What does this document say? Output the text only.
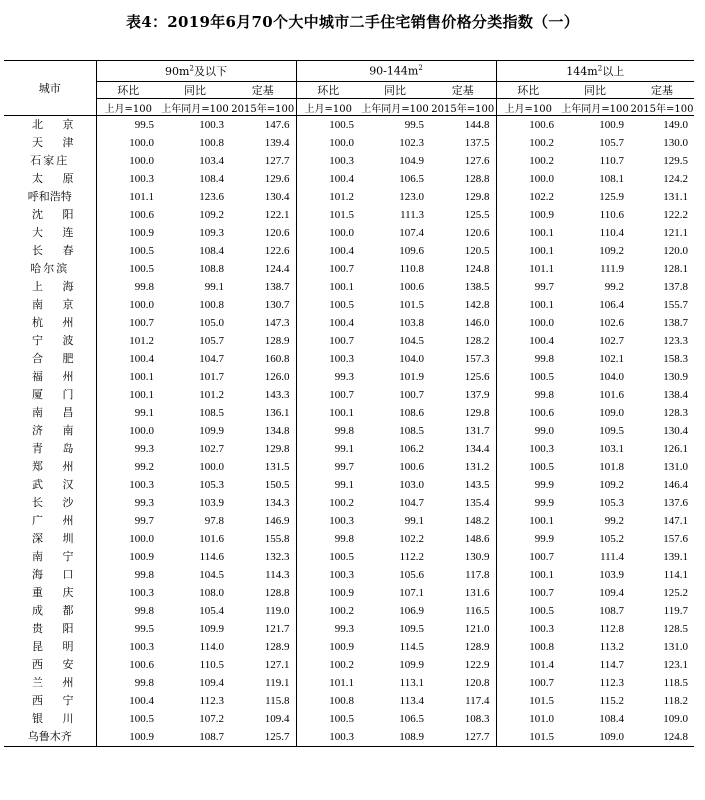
表4：2019年6月70个大中城市二手住宅销售价格分类指数（一）
城市	$90m^2$及以下			$90-144m^2$			$144m^2$以上		
	环比	同比	定基	环比	同比	定基	环比	同比	定基
	上月=100	上年同月=100	2015年=100	上月=100	上年同月=100	2015年=100	上月=100	上年同月=100	2015年=100

北 京	99.5	100.3	147.6	100.5	99.5	144.8	100.6	100.9	149.0

天 津	100.0	100.8	139.4	100.0	102.3	137.5	100.2	105.7	130.0

石家庄	100.0	103.4	127.7	100.3	104.9	127.6	100.2	110.7	129.5

太 原	100.3	108.4	129.6	100.4	106.5	128.8	100.0	108.1	124.2

呼和浩特	101.1	123.6	130.4	101.2	123.0	129.8	102.2	125.9	131.1

沈 阳	100.6	109.2	122.1	101.5	111.3	125.5	100.9	110.6	122.2

大 连	100.9	109.3	120.6	100.0	107.4	120.6	100.1	110.4	121.1

长 春	100.5	108.4	122.6	100.4	109.6	120.5	100.1	109.2	120.0

哈尔滨	100.5	108.8	124.4	100.7	110.8	124.8	101.1	111.9	128.1

上 海	99.8	99.1	138.7	100.1	100.6	138.5	99.7	99.2	137.8

南 京	100.0	100.8	130.7	100.5	101.5	142.8	100.1	106.4	155.7

杭 州	100.7	105.0	147.3	100.4	103.8	146.0	100.0	102.6	138.7

宁 波	101.2	105.7	128.9	100.7	104.5	128.2	100.4	102.7	123.3

合 肥	100.4	104.7	160.8	100.3	104.0	157.3	99.8	102.1	158.3

福 州	100.1	101.7	126.0	99.3	101.9	125.6	100.5	104.0	130.9

厦 门	100.1	101.2	143.3	100.7	100.7	137.9	99.8	101.6	138.4

南 昌	99.1	108.5	136.1	100.1	108.6	129.8	100.6	109.0	128.3

济 南	100.0	109.9	134.8	99.8	108.5	131.7	99.0	109.5	130.4

青 岛	99.3	102.7	129.8	99.1	106.2	134.4	100.3	103.1	126.1

郑 州	99.2	100.0	131.5	99.7	100.6	131.2	100.5	101.8	131.0

武 汉	100.3	105.3	150.5	99.1	103.0	143.5	99.9	109.2	146.4

长 沙	99.3	103.9	134.3	100.2	104.7	135.4	99.9	105.3	137.6

广 州	99.7	97.8	146.9	100.3	99.1	148.2	100.1	99.2	147.1

深 圳	100.0	101.6	155.8	99.8	102.2	148.6	99.9	105.2	157.6

南 宁	100.9	114.6	132.3	100.5	112.2	130.9	100.7	111.4	139.1

海 口	99.8	104.5	114.3	100.3	105.6	117.8	100.1	103.9	114.1

重 庆	100.3	108.0	128.8	100.9	107.1	131.6	100.7	109.4	125.2

成 都	99.8	105.4	119.0	100.2	106.9	116.5	100.5	108.7	119.7

贵 阳	99.5	109.9	121.7	99.3	109.5	121.0	100.3	112.8	128.5

昆 明	100.3	114.0	128.9	100.9	114.5	128.9	100.8	113.2	131.0

西 安	100.6	110.5	127.1	100.2	109.9	122.9	101.4	114.7	123.1

兰 州	99.8	109.4	119.1	101.1	113.1	120.8	100.7	112.3	118.5

西 宁	100.4	112.3	115.8	100.8	113.4	117.4	101.5	115.2	118.2

银 川	100.5	107.2	109.4	100.5	106.5	108.3	101.0	108.4	109.0

乌鲁木齐	100.9	108.7	125.7	100.3	108.9	127.7	101.5	109.0	124.8
